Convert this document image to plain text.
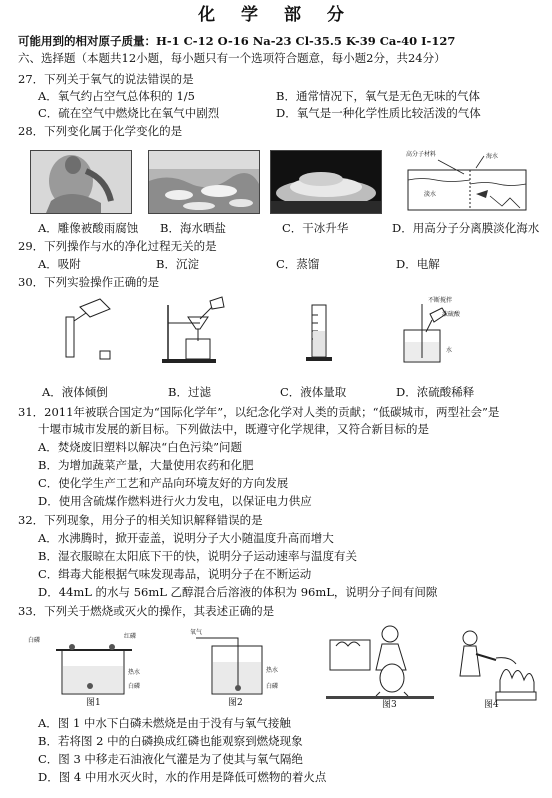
化 学 部 分
可能用到的相对原子质量：H-1 C-12 O-16 Na-23 Cl-35.5 K-39 Ca-40 I-127
六、选择题（本题共12小题，每小题只有一个选项符合题意，每小题2分，共24分）
27．下列关于氧气的说法错误的是
A．氧气约占空气总体积的 1/5	B．通常情况下，氧气是无色无味的气体
C．硫在空气中燃烧比在氧气中剧烈	D．氧气是一种化学性质比较活泼的气体
28．下列变化属于化学变化的是
高分子材料	海水
淡水
A．雕像被酸雨腐蚀 B．海水晒盐	C．干冰升华	D．用高分子分离膜淡化海水
29．下列操作与水的净化过程无关的是
A．吸附	B．沉淀	C．蒸馏	D．电解
30．下列实验操作正确的是
不断搅拌
浓硫酸
水
A．液体倾倒	B．过滤	C．液体量取	D．浓硫酸稀释
31．2011年被联合国定为“国际化学年”，以纪念化学对人类的贡献；“低碳城市，两型社会”是
十堰市城市发展的新目标。下列做法中，既遵守化学规律，又符合新目标的是
A．焚烧废旧塑料以解决“白色污染”问题
B．为增加蔬菜产量，大量使用农药和化肥
C．使化学生产工艺和产品向环境友好的方向发展
D．使用含硫煤作燃料进行火力发电，以保证电力供应
32．下列现象，用分子的相关知识解释错误的是
A．水沸腾时，掀开壶盖，说明分子大小随温度升高而增大
B．湿衣服晾在太阳底下干的快，说明分子运动速率与温度有关
C．缉毒犬能根据气味发现毒品，说明分子在不断运动
D．44mL 的水与 56mL 乙醇混合后溶液的体积为 96mL，说明分子间有间隙
33．下列关于燃烧或灭火的操作，其表述正确的是
白磷
红磷
热水
白磷
图1
氧气
热水
白磷
图2	图3	图4
A．图 1 中水下白磷未燃烧是由于没有与氧气接触
B．若将图 2 中的白磷换成红磷也能观察到燃烧现象
C．图 3 中移走石油液化气灌是为了使其与氧气隔绝
D．图 4 中用水灭火时，水的作用是降低可燃物的着火点
